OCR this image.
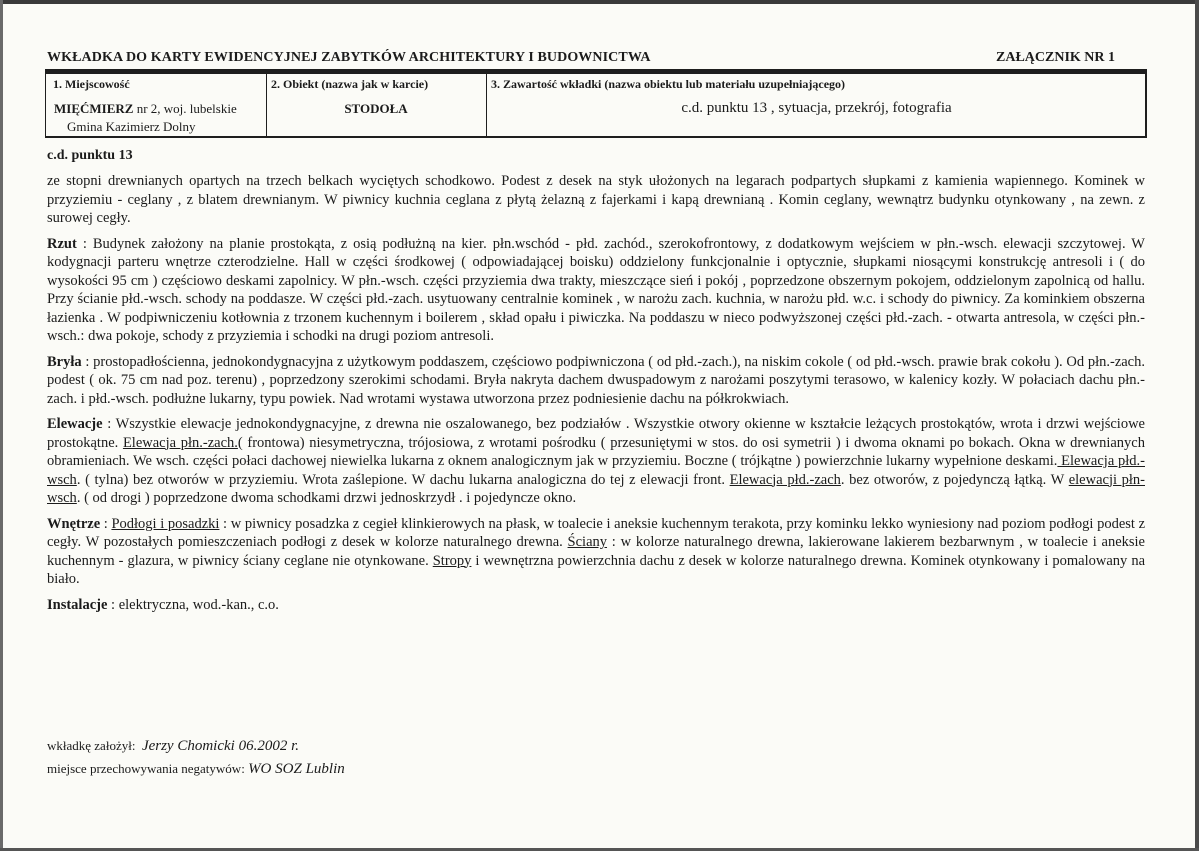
WKŁADKA DO KARTY EWIDENCYJNEJ ZABYTKÓW ARCHITEKTURY I BUDOWNICTWA	ZAŁĄCZNIK NR 1
1. Miejscowość
MIĘĆMIERZ nr 2, woj. lubelskie
Gmina Kazimierz Dolny
2. Obiekt (nazwa jak w karcie)
STODOŁA
3. Zawartość wkładki (nazwa obiektu lub materiału uzupełniającego)
c.d. punktu 13 , sytuacja, przekrój, fotografia
c.d. punktu 13

ze stopni drewnianych opartych na trzech belkach wyciętych schodkowo. Podest z desek na styk ułożonych na legarach podpartych słupkami z kamienia wapiennego. Kominek w przyziemiu - ceglany , z blatem drewnianym. W piwnicy kuchnia ceglana z płytą żelazną z fajerkami i kapą drewnianą . Komin ceglany, wewnątrz budynku otynkowany , na zewn. z surowej cegły.

Rzut : Budynek założony na planie prostokąta, z osią podłużną na kier. płn.wschód - płd. zachód., szerokofrontowy, z dodatkowym wejściem w płn.-wsch. elewacji szczytowej. W kodygnacji parteru wnętrze czterodzielne. Hall w części środkowej ( odpowiadającej boisku) oddzielony funkcjonalnie i optycznie, słupkami niosącymi konstrukcję antresoli i ( do wysokości 95 cm ) częściowo deskami zapolnicy. W płn.-wsch. części przyziemia dwa trakty, mieszczące sień i pokój , poprzedzone obszernym pokojem, oddzielonym zapolnicą od hallu. Przy ścianie płd.-wsch. schody na poddasze. W części płd.-zach. usytuowany centralnie kominek , w narożu zach. kuchnia, w narożu płd. w.c. i schody do piwnicy. Za kominkiem obszerna łazienka . W podpiwniczeniu kotłownia z trzonem kuchennym i boilerem , skład opału i piwiczka. Na poddaszu w nieco podwyższonej części płd.-zach. - otwarta antresola, w części płn.-wsch.: dwa pokoje, schody z przyziemia i schodki na drugi poziom antresoli.

Bryła : prostopadłościenna, jednokondygnacyjna z użytkowym poddaszem, częściowo podpiwniczona ( od płd.-zach.), na niskim cokole ( od płd.-wsch. prawie brak cokołu ). Od płn.-zach. podest ( ok. 75 cm nad poz. terenu) , poprzedzony szerokimi schodami. Bryła nakryta dachem dwuspadowym z narożami poszytymi terasowo, w kalenicy kozły. W połaciach dachu płn.-zach. i płd.-wsch. podłużne lukarny, typu powiek. Nad wrotami wystawa utworzona przez podniesienie dachu na półkrokwiach.

Elewacje : Wszystkie elewacje jednokondygnacyjne, z drewna nie oszalowanego, bez podziałów . Wszystkie otwory okienne w kształcie leżących prostokątów, wrota i drzwi wejściowe prostokątne. Elewacja płn.-zach.( frontowa) niesymetryczna, trójosiowa, z wrotami pośrodku ( przesuniętymi w stos. do osi symetrii ) i dwoma oknami po bokach. Okna w drewnianych obramieniach. We wsch. części połaci dachowej niewielka lukarna z oknem analogicznym jak w przyziemiu. Boczne ( trójkątne ) powierzchnie lukarny wypełnione deskami. Elewacja płd.-wsch. ( tylna) bez otworów w przyziemiu. Wrota zaślepione. W dachu lukarna analogiczna do tej z elewacji front. Elewacja płd.-zach. bez otworów, z pojedynczą łątką. W elewacji płn-wsch. ( od drogi ) poprzedzone dwoma schodkami drzwi jednoskrzydł . i pojedyncze okno.

Wnętrze : Podłogi i posadzki : w piwnicy posadzka z cegieł klinkierowych na płask, w toalecie i aneksie kuchennym terakota, przy kominku lekko wyniesiony nad poziom podłogi podest z cegły. W pozostałych pomieszczeniach podłogi z desek w kolorze naturalnego drewna. Ściany : w kolorze naturalnego drewna, lakierowane lakierem bezbarwnym , w toalecie i aneksie kuchennym - glazura, w piwnicy ściany ceglane nie otynkowane. Stropy i wewnętrzna powierzchnia dachu z desek w kolorze naturalnego drewna. Kominek otynkowany i pomalowany na biało.

Instalacje : elektryczna, wod.-kan., c.o.

wkładkę założył: Jerzy Chomicki 06.2002 r.
miejsce przechowywania negatywów: WO SOZ Lublin
